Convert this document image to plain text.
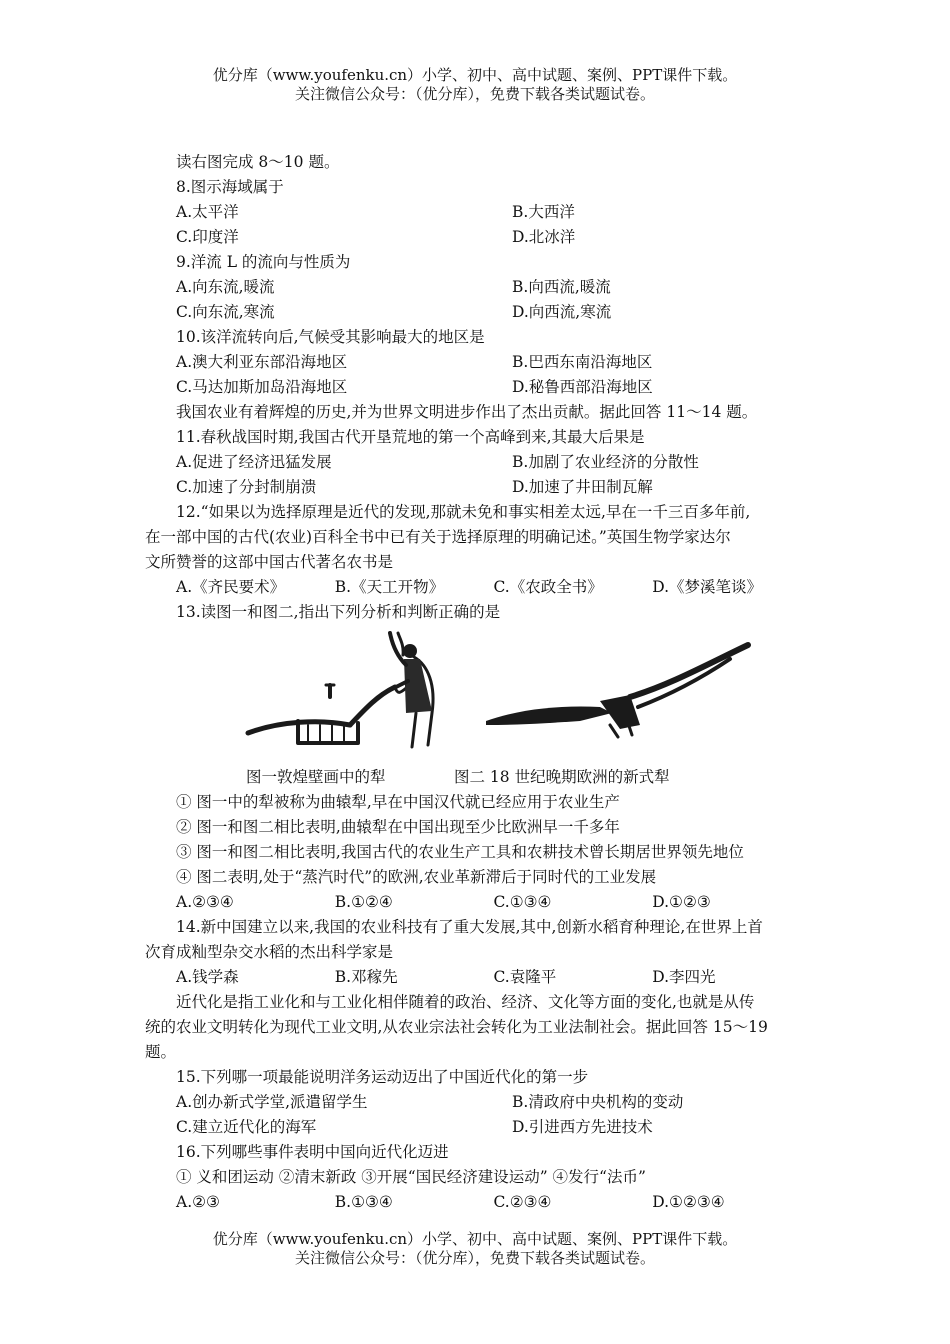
优分库（www.youfenku.cn）小学、初中、高中试题、案例、PPT课件下载。
关注微信公众号：（优分库），免费下载各类试题试卷。
读右图完成 8～10 题。
8.图示海域属于
A.太平洋	B.大西洋
C.印度洋	D.北冰洋
9.洋流 L 的流向与性质为
A.向东流,暖流	B.向西流,暖流
C.向东流,寒流	D.向西流,寒流
10.该洋流转向后,气候受其影响最大的地区是
A.澳大利亚东部沿海地区	B.巴西东南沿海地区
C.马达加斯加岛沿海地区	D.秘鲁西部沿海地区
我国农业有着辉煌的历史,并为世界文明进步作出了杰出贡献。据此回答 11～14 题。
11.春秋战国时期,我国古代开垦荒地的第一个高峰到来,其最大后果是
A.促进了经济迅猛发展	B.加剧了农业经济的分散性
C.加速了分封制崩溃	D.加速了井田制瓦解
12.“如果以为选择原理是近代的发现,那就未免和事实相差太远,早在一千三百多年前,
在一部中国的古代(农业)百科全书中已有关于选择原理的明确记述。”英国生物学家达尔
文所赞誉的这部中国古代著名农书是
A.《齐民要术》	B.《天工开物》	C.《农政全书》	D.《梦溪笔谈》
13.读图一和图二,指出下列分析和判断正确的是
图一敦煌壁画中的犁	图二 18 世纪晚期欧洲的新式犁
① 图一中的犁被称为曲辕犁,早在中国汉代就已经应用于农业生产
② 图一和图二相比表明,曲辕犁在中国出现至少比欧洲早一千多年
③ 图一和图二相比表明,我国古代的农业生产工具和农耕技术曾长期居世界领先地位
④ 图二表明,处于“蒸汽时代”的欧洲,农业革新滞后于同时代的工业发展
A.②③④	B.①②④	C.①③④	D.①②③
14.新中国建立以来,我国的农业科技有了重大发展,其中,创新水稻育种理论,在世界上首
次育成籼型杂交水稻的杰出科学家是
A.钱学森	B.邓稼先	C.袁隆平	D.李四光
近代化是指工业化和与工业化相伴随着的政治、经济、文化等方面的变化,也就是从传
统的农业文明转化为现代工业文明,从农业宗法社会转化为工业法制社会。据此回答 15～19
题。
15.下列哪一项最能说明洋务运动迈出了中国近代化的第一步
A.创办新式学堂,派遣留学生	B.清政府中央机构的变动
C.建立近代化的海军	D.引进西方先进技术
16.下列哪些事件表明中国向近代化迈进
① 义和团运动 ②清末新政 ③开展“国民经济建设运动” ④发行“法币”
A.②③	B.①③④	C.②③④	D.①②③④
优分库（www.youfenku.cn）小学、初中、高中试题、案例、PPT课件下载。
关注微信公众号：（优分库），免费下载各类试题试卷。
